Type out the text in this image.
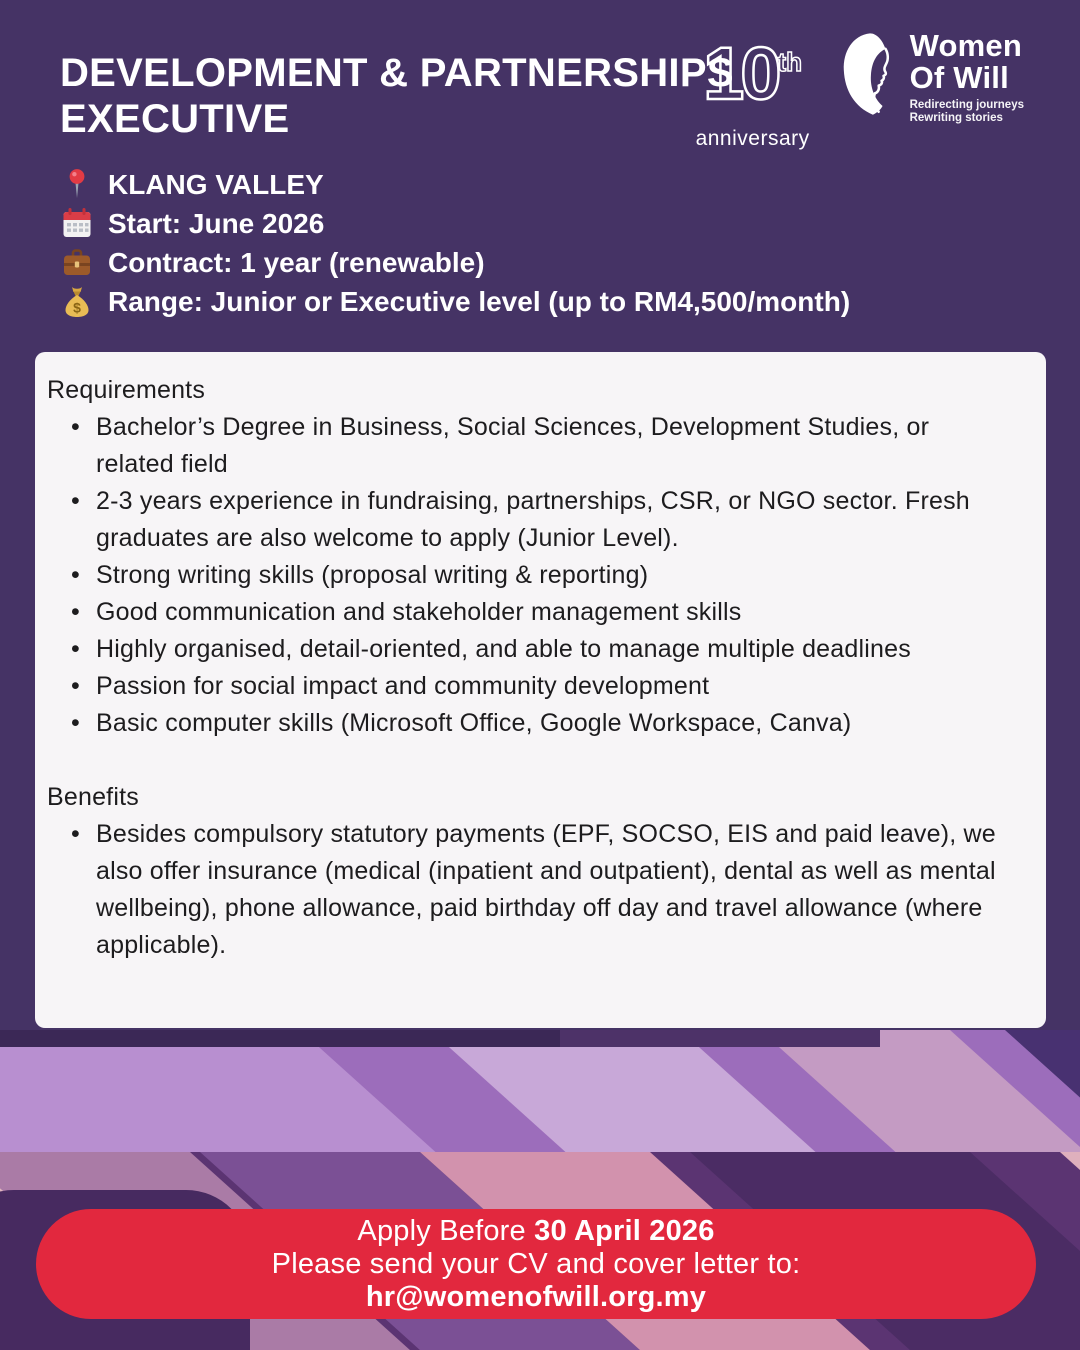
DEVELOPMENT & PARTNERSHIPS
EXECUTIVE
10th
anniversary
Women
Of Will
Redirecting journeys
Rewriting stories
KLANG VALLEY
Start: June 2026
Contract: 1 year (renewable)
$ Range: Junior or Executive level (up to RM4,500/month)
Requirements
• Bachelor’s Degree in Business, Social Sciences, Development Studies, or related field
• 2-3 years experience in fundraising, partnerships, CSR, or NGO sector. Fresh graduates are also welcome to apply (Junior Level).
• Strong writing skills (proposal writing & reporting)
• Good communication and stakeholder management skills
• Highly organised, detail-oriented, and able to manage multiple deadlines
• Passion for social impact and community development
• Basic computer skills (Microsoft Office, Google Workspace, Canva)
Benefits
• Besides compulsory statutory payments (EPF, SOCSO, EIS and paid leave), we also offer insurance (medical (inpatient and outpatient), dental as well as mental wellbeing), phone allowance, paid birthday off day and travel allowance (where applicable).
Apply Before 30 April 2026
Please send your CV and cover letter to:
hr@womenofwill.org.my
